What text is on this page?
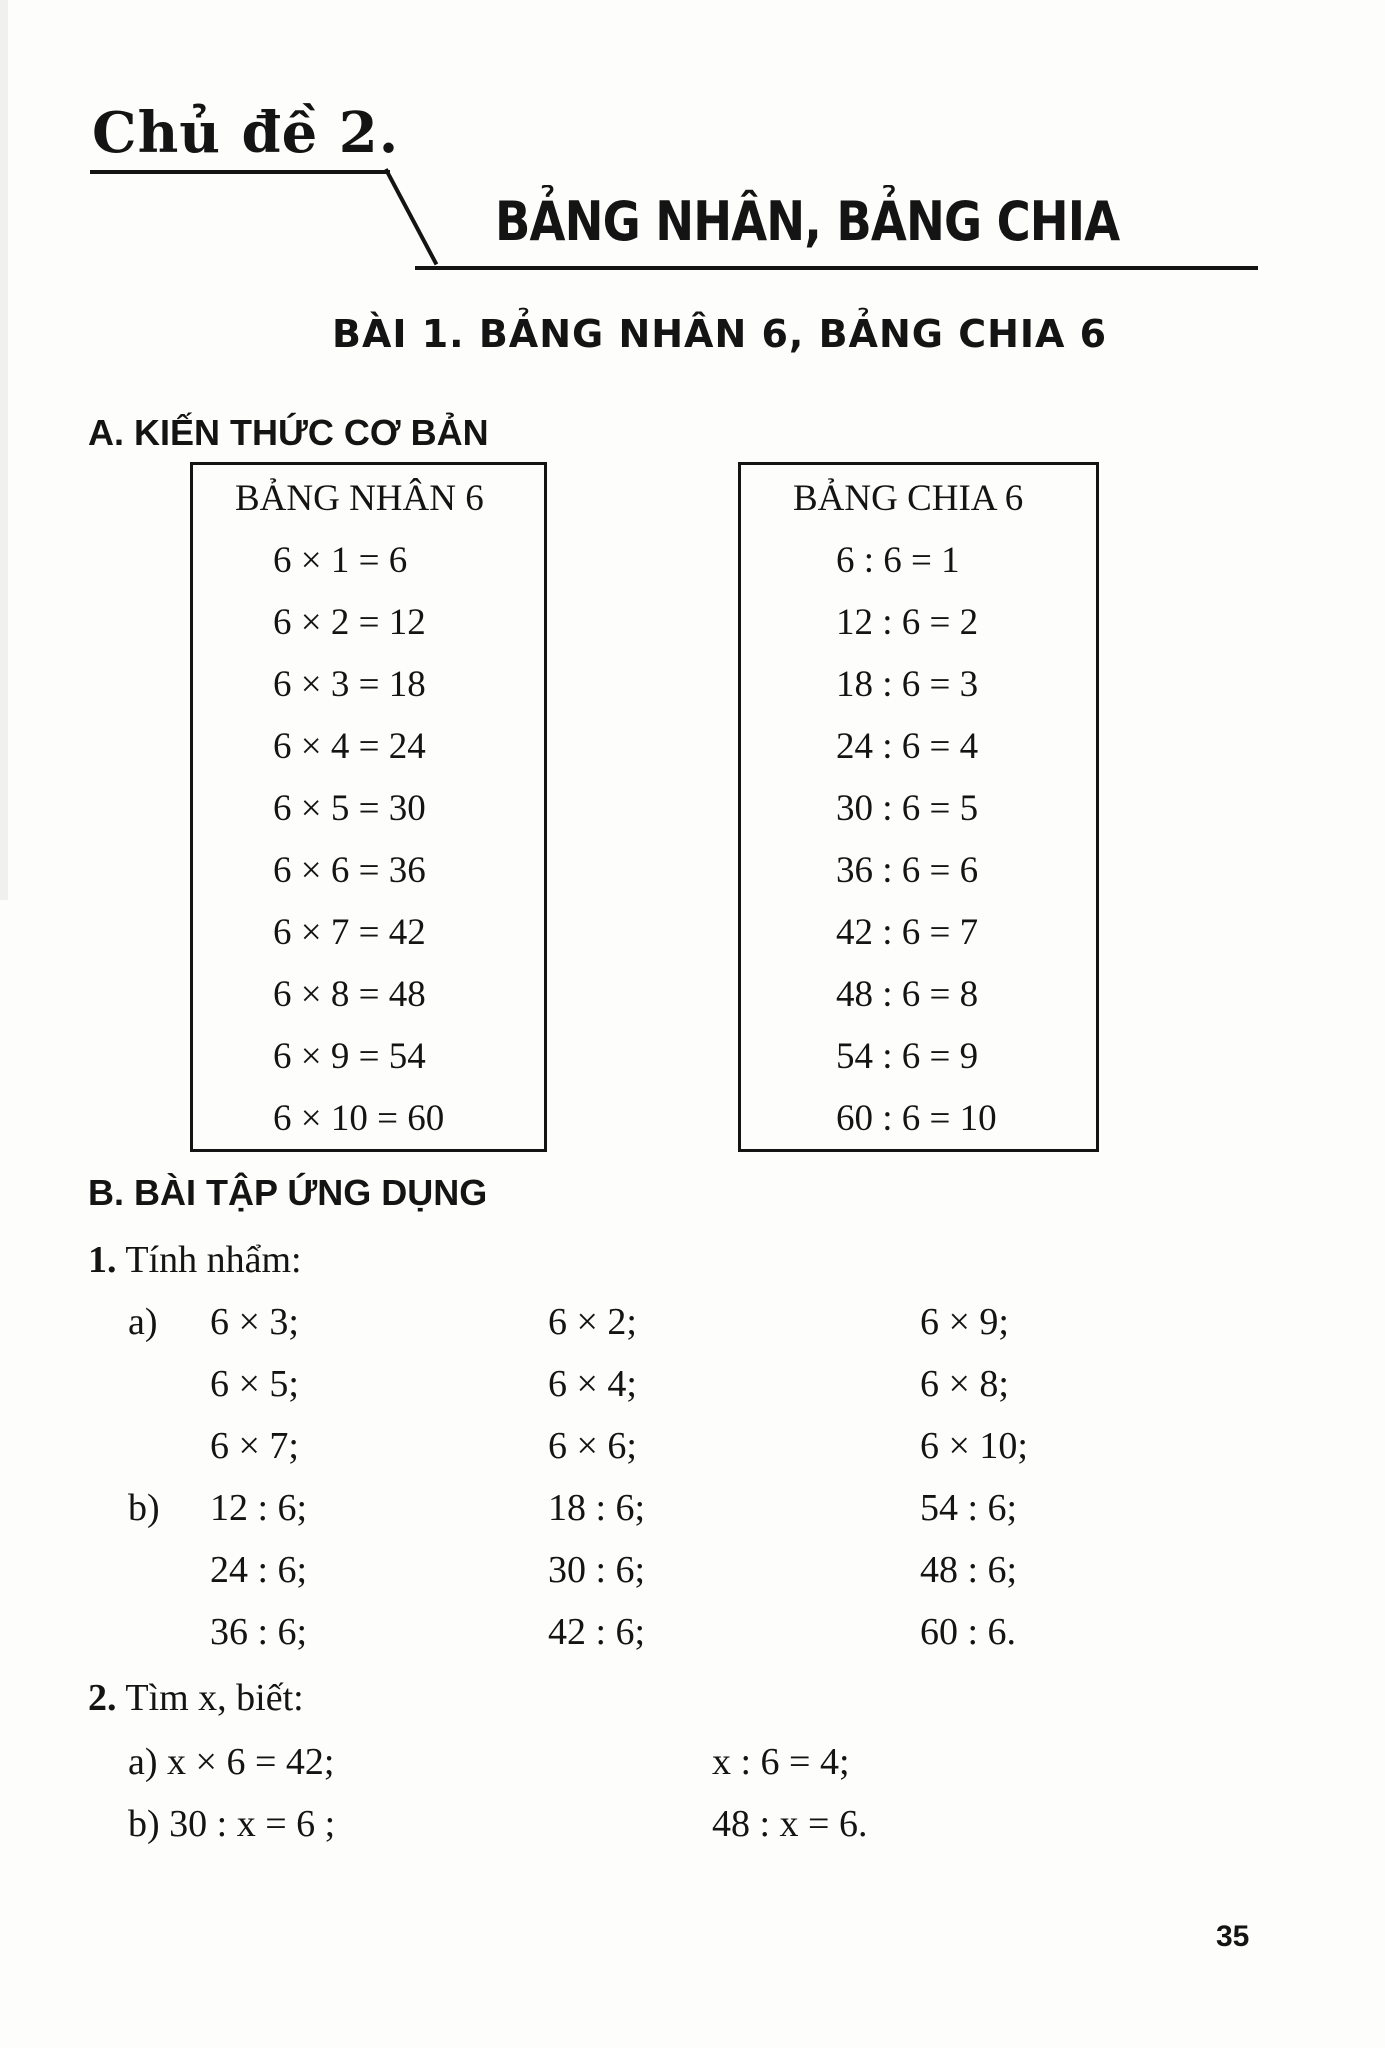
Chủ đề 2.
BẢNG NHÂN, BẢNG CHIA
BÀI 1. BẢNG NHÂN 6, BẢNG CHIA 6
A. KIẾN THỨC CƠ BẢN
BẢNG NHÂN 6
6 × 1 = 6
6 × 2 = 12
6 × 3 = 18
6 × 4 = 24
6 × 5 = 30
6 × 6 = 36
6 × 7 = 42
6 × 8 = 48
6 × 9 = 54
6 × 10 = 60
BẢNG CHIA 6
6 : 6 = 1
12 : 6 = 2
18 : 6 = 3
24 : 6 = 4
30 : 6 = 5
36 : 6 = 6
42 : 6 = 7
48 : 6 = 8
54 : 6 = 9
60 : 6 = 10
B. BÀI TẬP ỨNG DỤNG
1. Tính nhẩm:
a) 6 × 3;	6 × 2;	6 × 9;
6 × 5;	6 × 4;	6 × 8;
6 × 7;	6 × 6;	6 × 10;
b) 12 : 6;	18 : 6;	54 : 6;
24 : 6;	30 : 6;	48 : 6;
36 : 6;	42 : 6;	60 : 6.
2. Tìm x, biết:
a) x × 6 = 42;	x : 6 = 4;
b) 30 : x = 6 ;	48 : x = 6.
35
